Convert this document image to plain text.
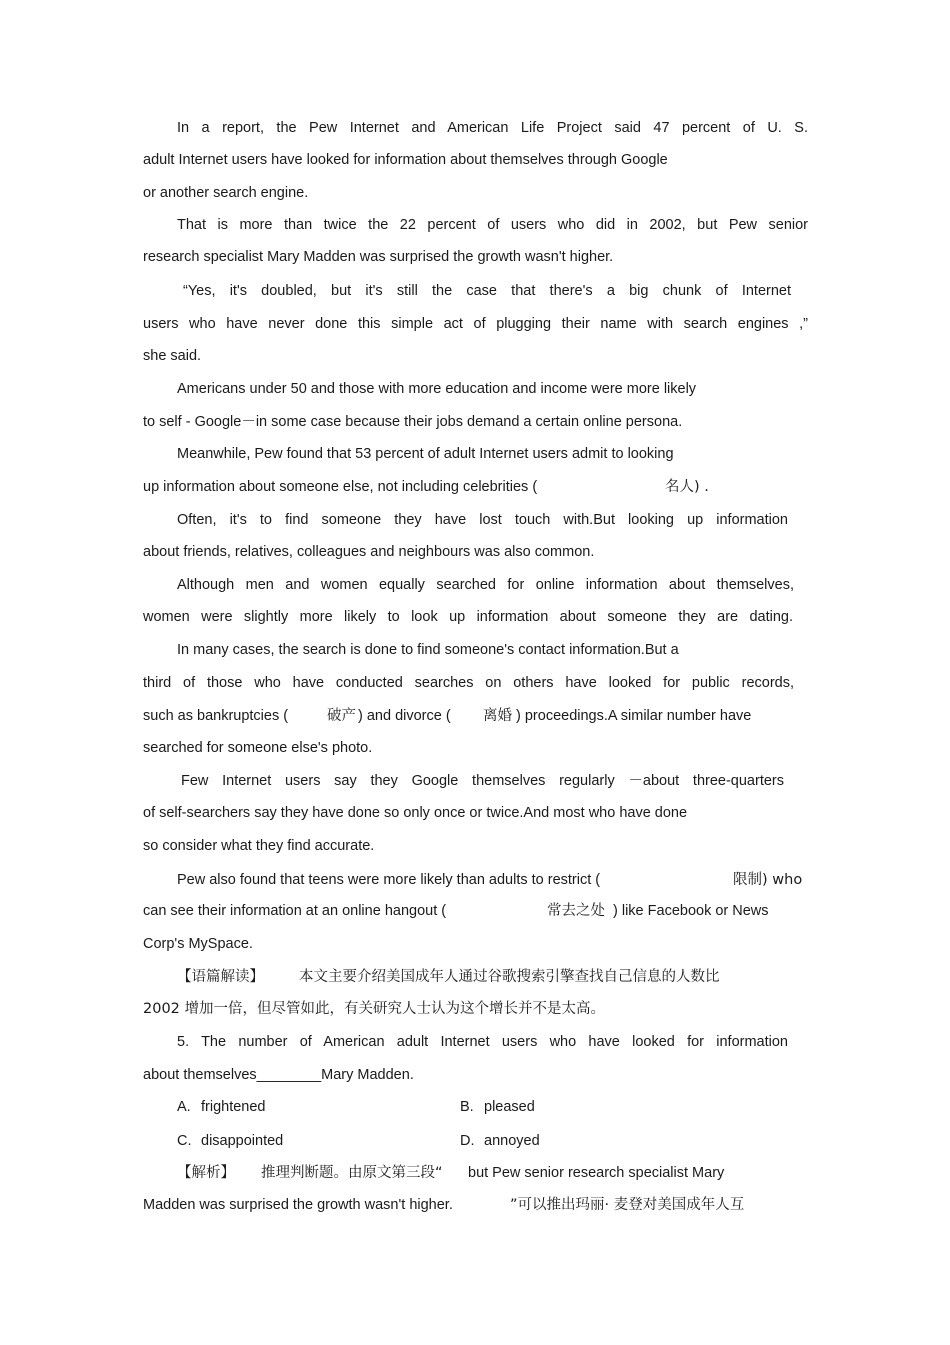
In a report, the Pew Internet and American Life Project said 47 percent of U. S.
adult Internet users have looked for information about themselves through Google
or another search engine.
That is more than twice the 22 percent of users who did in 2002, but Pew senior
research specialist Mary Madden was surprised the growth wasn't higher.
“Yes, it's doubled, but it's still the case that there's a big chunk of Internet
users who have never done this simple act of plugging their name with search engines ,”
she said.
Americans under 50 and those with more education and income were more likely
to self - Google－in some case because their jobs demand a certain online persona.
Meanwhile, Pew found that 53 percent of adult Internet users admit to looking
up information about someone else, not including celebrities (	名人) .
Often, it's to find someone they have lost touch with.But looking up information
about friends, relatives, colleagues and neighbours was also common.
Although men and women equally searched for online information about themselves,
women were slightly more likely to look up information about someone they are dating.
In many cases, the search is done to find someone's contact information.But a
third of those who have conducted searches on others have looked for public records,
such as bankruptcies (	破产 ) and divorce ( 离婚 ) proceedings.A similar number have
searched for someone else's photo.
Few Internet users say they Google themselves regularly －about three-quarters
of self-searchers say they have done so only once or twice.And most who have done
so consider what they find accurate.
Pew also found that teens were more likely than adults to restrict (	限制) who
can see their information at an online hangout (	常去之处 ) like Facebook or News
Corp's MySpace.
【语篇解读】 本文主要介绍美国成年人通过谷歌搜索引擎查找自己信息的人数比
2002 增加一倍，但尽管如此，有关研究人士认为这个增长并不是太高。
5. The number of American adult Internet users who have looked for information
about themselves________Mary Madden.
A. frightened	B. pleased
C. disappointed	D. annoyed
【解析】 推理判断题。由原文第三段“ but Pew senior research specialist Mary
Madden was surprised the growth wasn't higher.	”可以推出玛丽· 麦登对美国成年人互
